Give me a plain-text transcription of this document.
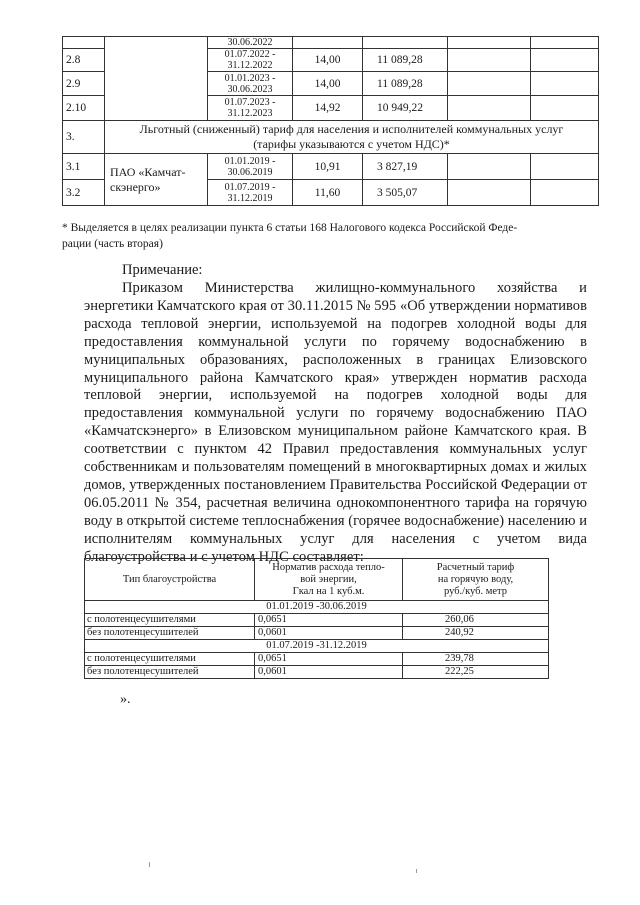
		30.06.2022				
2.8		01.07.2022 -
31.12.2022	14,00	11 089,28		
2.9		01.01.2023 -
30.06.2023	14,00	11 089,28		
2.10		01.07.2023 -
31.12.2023	14,92	10 949,22		
3.	Льготный (сниженный) тариф для населения и исполнителей коммунальных услуг
(тарифы указываются с учетом НДС)*					
3.1	ПАО «Камчат-
скэнерго»	01.01.2019 -
30.06.2019	10,91	3 827,19		
3.2		01.07.2019 -
31.12.2019	11,60	3 505,07		
* Выделяется в целях реализации пункта 6 статьи 168 Налогового кодекса Российской Феде-
рации (часть вторая)
Примечание:
Приказом Министерства жилищно-коммунального хозяйства и энергетики Камчатского края от 30.11.2015 № 595 «Об утверждении нормативов расхода тепловой энергии, используемой на подогрев холодной воды для предоставления коммунальной услуги по горячему водоснабжению в муниципальных образованиях, расположенных в границах Елизовского муниципального района Камчатского края» утвержден норматив расхода тепловой энергии, используемой на подогрев холодной воды для предоставления коммунальной услуги по горячему водоснабжению ПАО «Камчатскэнерго» в Елизовском муниципальном районе Камчатского края. В соответствии с пунктом 42 Правил предоставления коммунальных услуг собственникам и пользователям помещений в многоквартирных домах и жилых домов, утвержденных постановлением Правительства Российской Федерации от 06.05.2011 № 354, расчетная величина однокомпонентного тарифа на горячую воду в открытой системе теплоснабжения (горячее водоснабжение) населению и исполнителям коммунальных услуг для населения с учетом вида благоустройства и с учетом НДС составляет:
Тип благоустройства	Норматив расхода тепло-
вой энергии,
Гкал на 1 куб.м.	Расчетный тариф
на горячую воду,
руб./куб. метр
01.01.2019 -30.06.2019		
с полотенцесушителями	0,0651	260,06
без полотенцесушителей	0,0601	240,92
01.07.2019 -31.12.2019		
с полотенцесушителями	0,0651	239,78
без полотенцесушителей	0,0601	222,25
».
